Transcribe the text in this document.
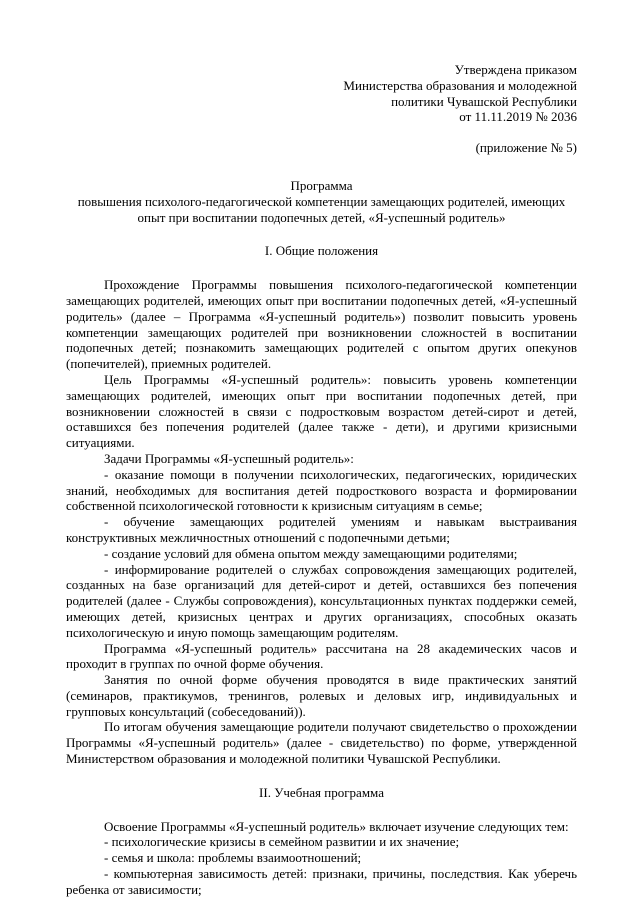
Утверждена приказом
Министерства образования и молодежной
политики Чувашской Республики
от 11.11.2019 № 2036
(приложение № 5)
Программа
повышения психолого-педагогической компетенции замещающих родителей, имеющих опыт при воспитании подопечных детей, «Я-успешный родитель»
I. Общие положения

Прохождение Программы повышения психолого-педагогической компетенции замещающих родителей, имеющих опыт при воспитании подопечных детей, «Я-успешный родитель» (далее – Программа «Я-успешный родитель») позволит повысить уровень компетенции замещающих родителей при возникновении сложностей в воспитании подопечных детей; познакомить замещающих родителей с опытом других опекунов (попечителей), приемных родителей.

Цель Программы «Я-успешный родитель»: повысить уровень компетенции замещающих родителей, имеющих опыт при воспитании подопечных детей, при возникновении сложностей в связи с подростковым возрастом детей-сирот и детей, оставшихся без попечения родителей (далее также - дети), и другими кризисными ситуациями.

Задачи Программы «Я-успешный родитель»:

- оказание помощи в получении психологических, педагогических, юридических знаний, необходимых для воспитания детей подросткового возраста и формировании собственной психологической готовности к кризисным ситуациям в семье;

- обучение замещающих родителей умениям и навыкам выстраивания конструктивных межличностных отношений с подопечными детьми;

- создание условий для обмена опытом между замещающими родителями;

- информирование родителей о службах сопровождения замещающих родителей, созданных на базе организаций для детей-сирот и детей, оставшихся без попечения родителей (далее - Службы сопровождения), консультационных пунктах поддержки семей, имеющих детей, кризисных центрах и других организациях, способных оказать психологическую и иную помощь замещающим родителям.

Программа «Я-успешный родитель» рассчитана на 28 академических часов и проходит в группах по очной форме обучения.

Занятия по очной форме обучения проводятся в виде практических занятий (семинаров, практикумов, тренингов, ролевых и деловых игр, индивидуальных и групповых консультаций (собеседований)).

По итогам обучения замещающие родители получают свидетельство о прохождении Программы «Я-успешный родитель» (далее - свидетельство) по форме, утвержденной Министерством образования и молодежной политики Чувашской Республики.

II. Учебная программа

Освоение Программы «Я-успешный родитель» включает изучение следующих тем:

- психологические кризисы в семейном развитии и их значение;

- семья и школа: проблемы взаимоотношений;

- компьютерная зависимость детей: признаки, причины, последствия. Как уберечь ребенка от зависимости;
